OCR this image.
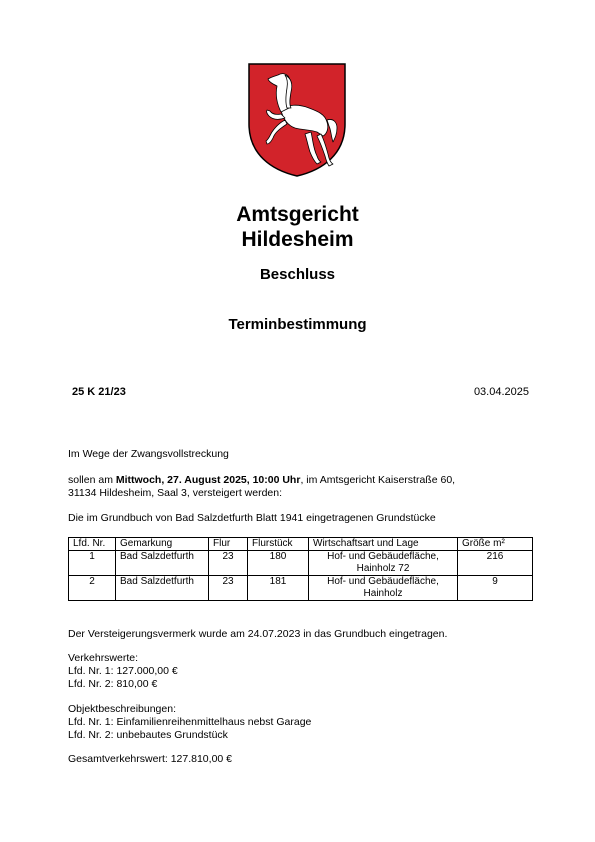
Amtsgericht
Hildesheim
Beschluss
Terminbestimmung
25 K 21/23	03.04.2025
Im Wege der Zwangsvollstreckung
sollen am Mittwoch, 27. August 2025, 10:00 Uhr, im Amtsgericht Kaiserstraße 60,
31134 Hildesheim, Saal 3, versteigert werden:
Die im Grundbuch von Bad Salzdetfurth Blatt 1941 eingetragenen Grundstücke
Lfd. Nr.	Gemarkung	Flur	Flurstück	Wirtschaftsart und Lage	Größe m²
1	Bad Salzdetfurth	23	180	Hof- und Gebäudefläche,
Hainholz 72	216
2	Bad Salzdetfurth	23	181	Hof- und Gebäudefläche,
Hainholz	9
Der Versteigerungsvermerk wurde am 24.07.2023 in das Grundbuch eingetragen.
Verkehrswerte:
Lfd. Nr. 1: 127.000,00 €
Lfd. Nr. 2: 810,00 €
Objektbeschreibungen:
Lfd. Nr. 1: Einfamilienreihenmittelhaus nebst Garage
Lfd. Nr. 2: unbebautes Grundstück
Gesamtverkehrswert: 127.810,00 €
